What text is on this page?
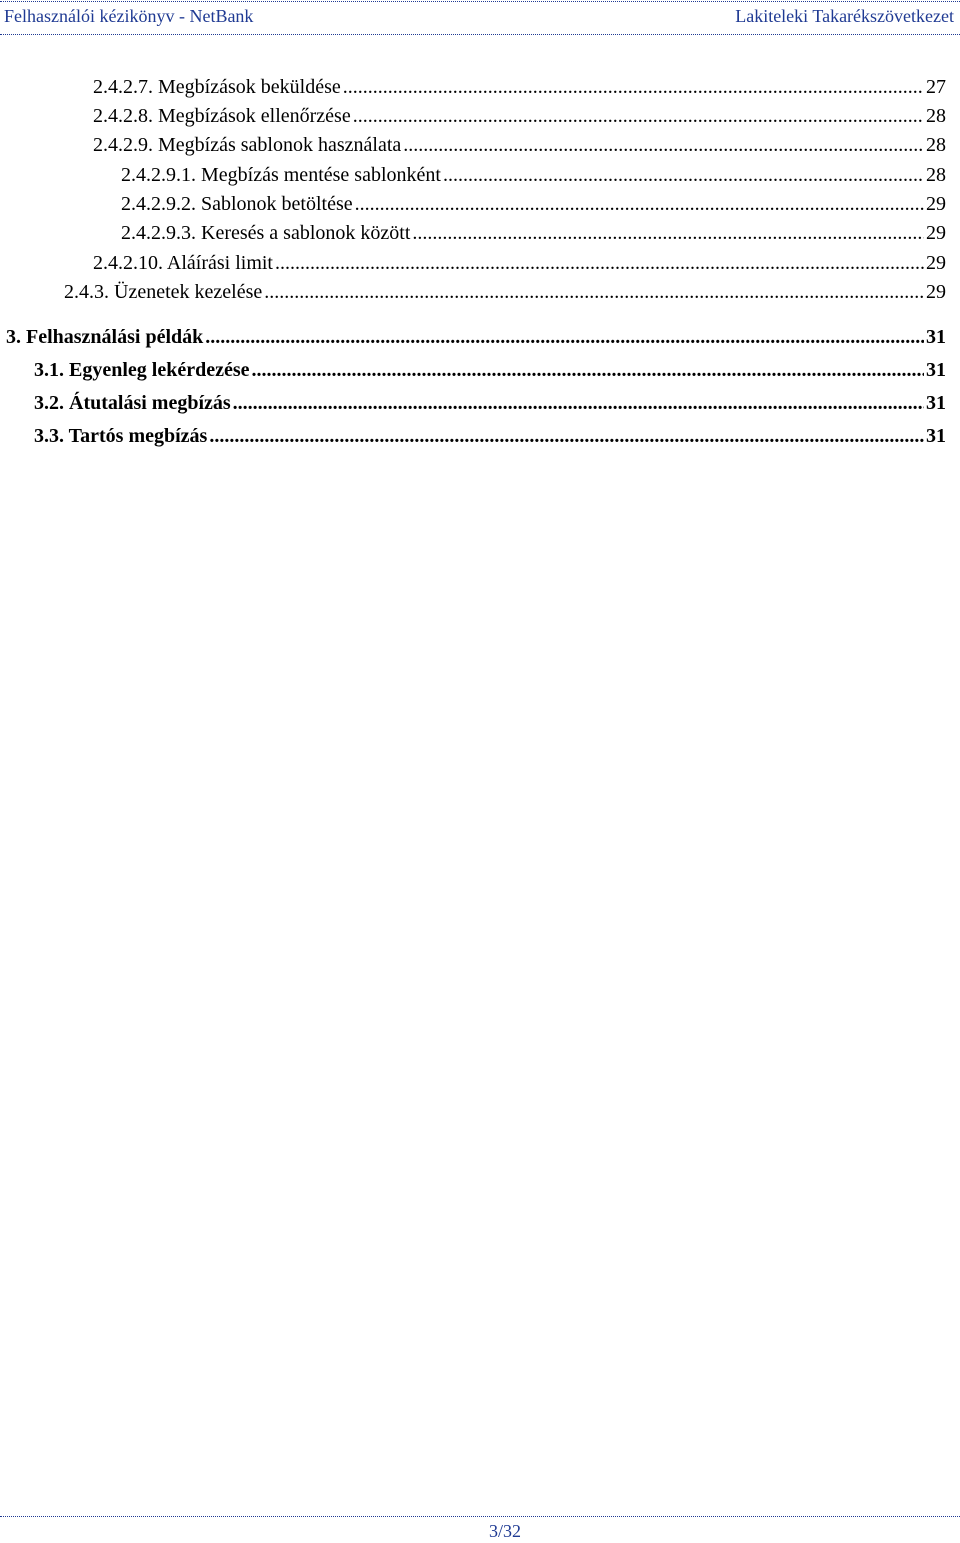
Felhasználói kézikönyv - NetBank	Lakiteleki Takarékszövetkezet
2.4.2.7. Megbízások beküldése .....	27
2.4.2.8. Megbízások ellenőrzése .....	28
2.4.2.9. Megbízás sablonok használata .....	28
2.4.2.9.1. Megbízás mentése sablonként .....	28
2.4.2.9.2. Sablonok betöltése .....	29
2.4.2.9.3. Keresés a sablonok között .....	29
2.4.2.10. Aláírási limit .....	29
2.4.3. Üzenetek kezelése .....	29
3. Felhasználási példák .....	31
3.1. Egyenleg lekérdezése .....	31
3.2. Átutalási megbízás .....	31
3.3. Tartós megbízás .....	31
3/32
